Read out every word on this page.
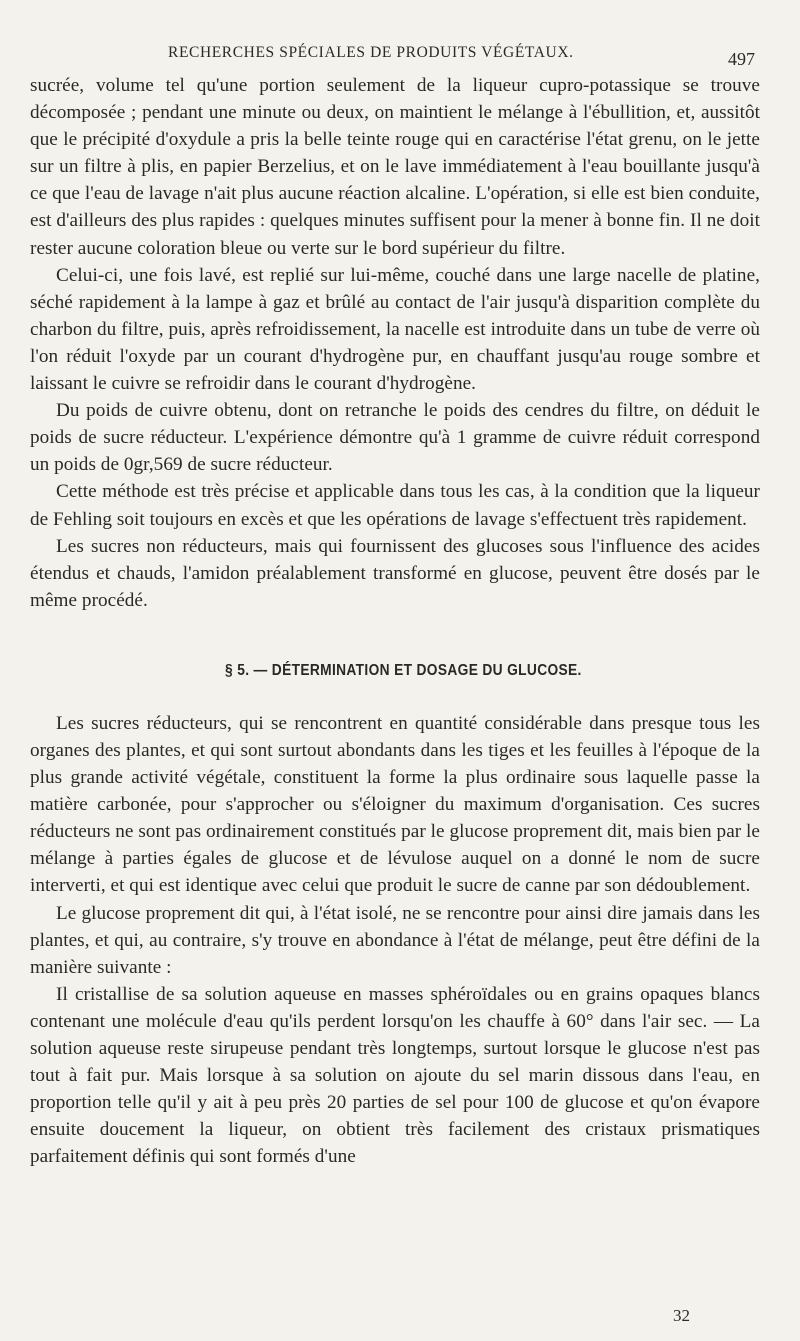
RECHERCHES SPÉCIALES DE PRODUITS VÉGÉTAUX.	497

sucrée, volume tel qu'une portion seulement de la liqueur cupro-potassique se trouve décomposée ; pendant une minute ou deux, on maintient le mélange à l'ébullition, et, aussitôt que le précipité d'oxydule a pris la belle teinte rouge qui en caractérise l'état grenu, on le jette sur un filtre à plis, en papier Berzelius, et on le lave immédiatement à l'eau bouillante jusqu'à ce que l'eau de lavage n'ait plus aucune réaction alcaline. L'opération, si elle est bien conduite, est d'ailleurs des plus rapides : quelques minutes suffisent pour la mener à bonne fin. Il ne doit rester aucune coloration bleue ou verte sur le bord supérieur du filtre.

Celui-ci, une fois lavé, est replié sur lui-même, couché dans une large nacelle de platine, séché rapidement à la lampe à gaz et brûlé au contact de l'air jusqu'à disparition complète du charbon du filtre, puis, après refroidissement, la nacelle est introduite dans un tube de verre où l'on réduit l'oxyde par un courant d'hydrogène pur, en chauffant jusqu'au rouge sombre et laissant le cuivre se refroidir dans le courant d'hydrogène.

Du poids de cuivre obtenu, dont on retranche le poids des cendres du filtre, on déduit le poids de sucre réducteur. L'expérience démontre qu'à 1 gramme de cuivre réduit correspond un poids de 0gr,569 de sucre réducteur.

Cette méthode est très précise et applicable dans tous les cas, à la condition que la liqueur de Fehling soit toujours en excès et que les opérations de lavage s'effectuent très rapidement.

Les sucres non réducteurs, mais qui fournissent des glucoses sous l'influence des acides étendus et chauds, l'amidon préalablement transformé en glucose, peuvent être dosés par le même procédé.

§ 5. — DÉTERMINATION ET DOSAGE DU GLUCOSE.

Les sucres réducteurs, qui se rencontrent en quantité considérable dans presque tous les organes des plantes, et qui sont surtout abondants dans les tiges et les feuilles à l'époque de la plus grande activité végétale, constituent la forme la plus ordinaire sous laquelle passe la matière carbonée, pour s'approcher ou s'éloigner du maximum d'organisation. Ces sucres réducteurs ne sont pas ordinairement constitués par le glucose proprement dit, mais bien par le mélange à parties égales de glucose et de lévulose auquel on a donné le nom de sucre interverti, et qui est identique avec celui que produit le sucre de canne par son dédoublement.

Le glucose proprement dit qui, à l'état isolé, ne se rencontre pour ainsi dire jamais dans les plantes, et qui, au contraire, s'y trouve en abondance à l'état de mélange, peut être défini de la manière suivante :

Il cristallise de sa solution aqueuse en masses sphéroïdales ou en grains opaques blancs contenant une molécule d'eau qu'ils perdent lorsqu'on les chauffe à 60° dans l'air sec. — La solution aqueuse reste sirupeuse pendant très longtemps, surtout lorsque le glucose n'est pas tout à fait pur. Mais lorsque à sa solution on ajoute du sel marin dissous dans l'eau, en proportion telle qu'il y ait à peu près 20 parties de sel pour 100 de glucose et qu'on évapore ensuite doucement la liqueur, on obtient très facilement des cristaux prismatiques parfaitement définis qui sont formés d'une

32
